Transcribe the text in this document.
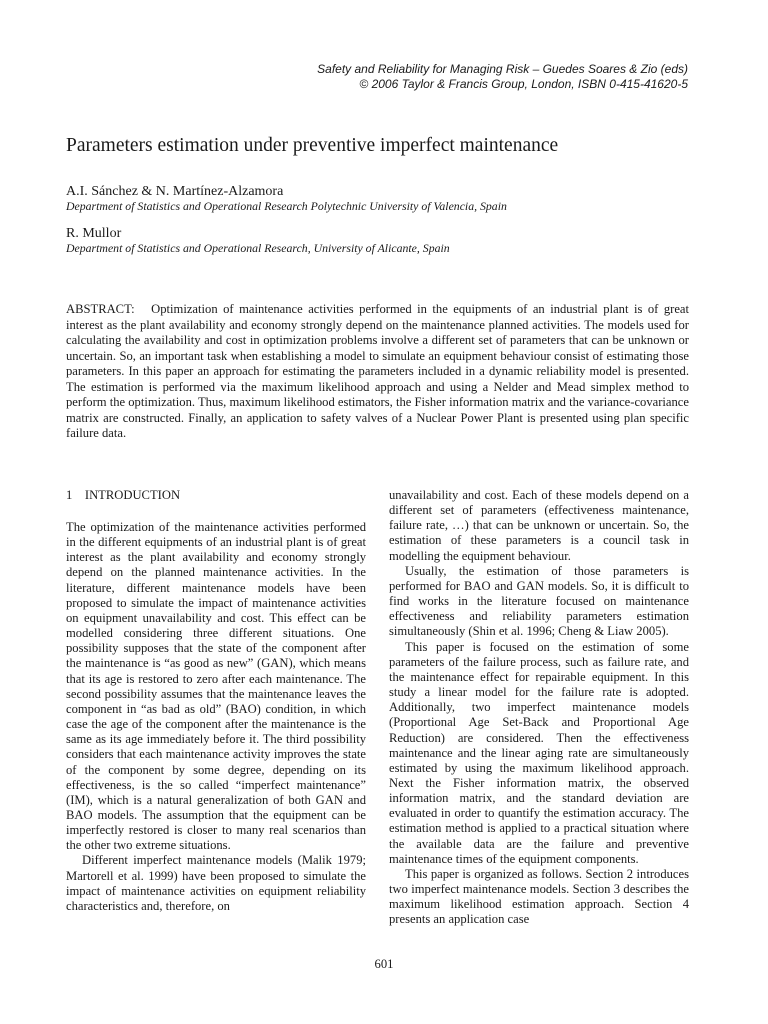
Safety and Reliability for Managing Risk – Guedes Soares & Zio (eds)
© 2006 Taylor & Francis Group, London, ISBN 0-415-41620-5
Parameters estimation under preventive imperfect maintenance
A.I. Sánchez & N. Martínez-Alzamora
Department of Statistics and Operational Research Polytechnic University of Valencia, Spain
R. Mullor
Department of Statistics and Operational Research, University of Alicante, Spain

ABSTRACT: Optimization of maintenance activities performed in the equipments of an industrial plant is of great interest as the plant availability and economy strongly depend on the maintenance planned activities. The models used for calculating the availability and cost in optimization problems involve a different set of parameters that can be unknown or uncertain. So, an important task when establishing a model to simulate an equipment behaviour consist of estimating those parameters. In this paper an approach for estimating the parameters included in a dynamic reliability model is presented. The estimation is performed via the maximum likelihood approach and using a Nelder and Mead simplex method to perform the optimization. Thus, maximum likelihood estimators, the Fisher information matrix and the variance-covariance matrix are constructed. Finally, an application to safety valves of a Nuclear Power Plant is presented using plan specific failure data.

1 INTRODUCTION

The optimization of the maintenance activities performed in the different equipments of an industrial plant is of great interest as the plant availability and economy strongly depend on the planned maintenance activities. In the literature, different maintenance models have been proposed to simulate the impact of maintenance activities on equipment unavailability and cost. This effect can be modelled considering three different situations. One possibility supposes that the state of the component after the maintenance is “as good as new” (GAN), which means that its age is restored to zero after each maintenance. The second possibility assumes that the maintenance leaves the component in “as bad as old” (BAO) condition, in which case the age of the component after the maintenance is the same as its age immediately before it. The third possibility considers that each maintenance activity improves the state of the component by some degree, depending on its effectiveness, is the so called “imperfect maintenance” (IM), which is a natural generalization of both GAN and BAO models. The assumption that the equipment can be imperfectly restored is closer to many real scenarios than the other two extreme situations.

Different imperfect maintenance models (Malik 1979; Martorell et al. 1999) have been proposed to simulate the impact of maintenance activities on equipment reliability characteristics and, therefore, on

unavailability and cost. Each of these models depend on a different set of parameters (effectiveness maintenance, failure rate, …) that can be unknown or uncertain. So, the estimation of these parameters is a council task in modelling the equipment behaviour.

Usually, the estimation of those parameters is performed for BAO and GAN models. So, it is difficult to find works in the literature focused on maintenance effectiveness and reliability parameters estimation simultaneously (Shin et al. 1996; Cheng & Liaw 2005).

This paper is focused on the estimation of some parameters of the failure process, such as failure rate, and the maintenance effect for repairable equipment. In this study a linear model for the failure rate is adopted. Additionally, two imperfect maintenance models (Proportional Age Set-Back and Proportional Age Reduction) are considered. Then the effectiveness maintenance and the linear aging rate are simultaneously estimated by using the maximum likelihood approach. Next the Fisher information matrix, the observed information matrix, and the standard deviation are evaluated in order to quantify the estimation accuracy. The estimation method is applied to a practical situation where the available data are the failure and preventive maintenance times of the equipment components.

This paper is organized as follows. Section 2 introduces two imperfect maintenance models. Section 3 describes the maximum likelihood estimation approach. Section 4 presents an application case

601
